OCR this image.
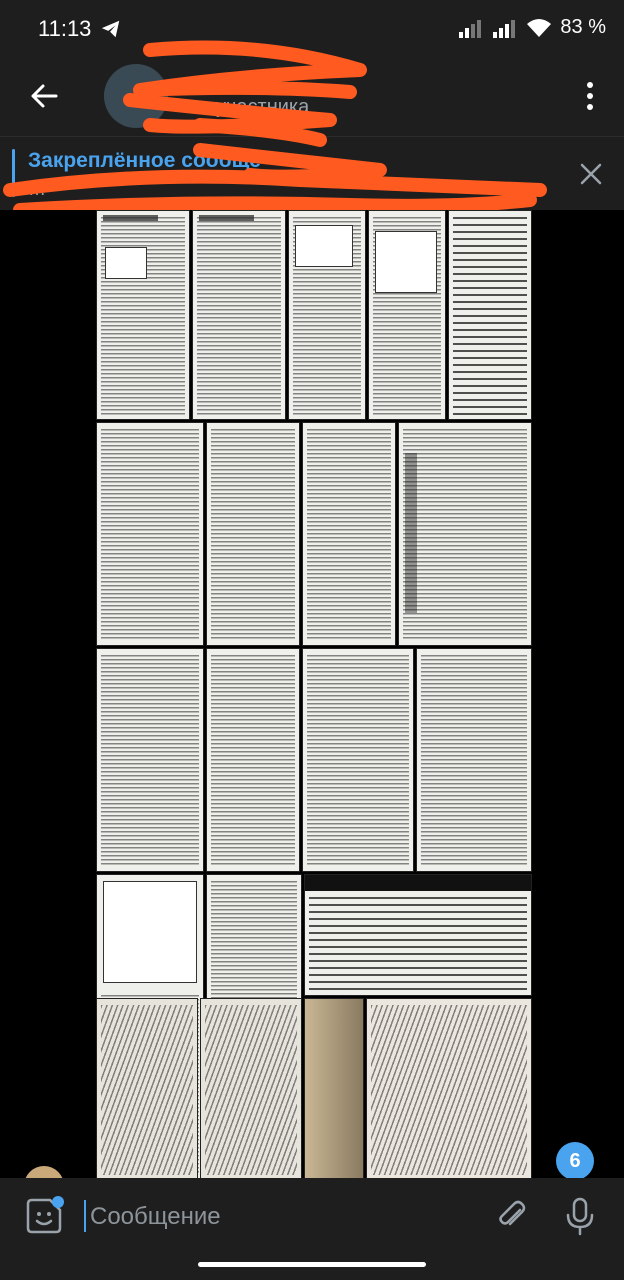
11:13	83 %
участника
Закреплённое сообще
…
6
Сообщение
